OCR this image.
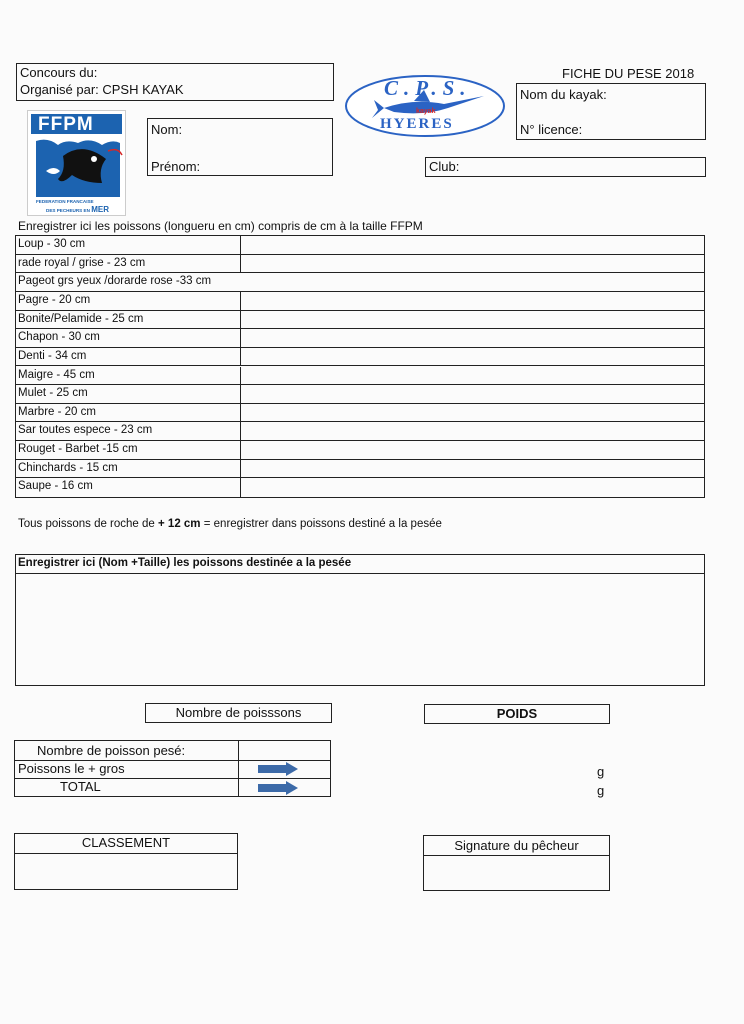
Concours du:
Organisé par: CPSH KAYAK
FFPM
FEDERATION FRANCAISE
DES PECHEURS EN MER
Nom:
Prénom:
C.P.S.
kayak
HYERES
FICHE DU PESE 2018
Nom du kayak:
N° licence:
Club:
Enregistrer ici les poissons (longueru en cm) compris de cm à la taille FFPM
Loup - 30 cm
rade royal / grise - 23 cm
Pageot grs yeux /dorarde rose -33 cm
Pagre - 20 cm
Bonite/Pelamide - 25 cm
Chapon - 30 cm
Denti - 34 cm
Maigre - 45 cm
Mulet - 25 cm
Marbre - 20 cm
Sar toutes espece - 23 cm
Rouget - Barbet -15 cm
Chinchards - 15 cm
Saupe - 16 cm
Tous poissons de roche de + 12 cm = enregistrer dans poissons destiné a la pesée
Enregistrer ici (Nom +Taille) les poissons destinée a la pesée
Nombre de poisssons	POIDS
Nombre de poisson pesé:
Poissons le + gros
TOTAL
g
g
CLASSEMENT	Signature du pêcheur
